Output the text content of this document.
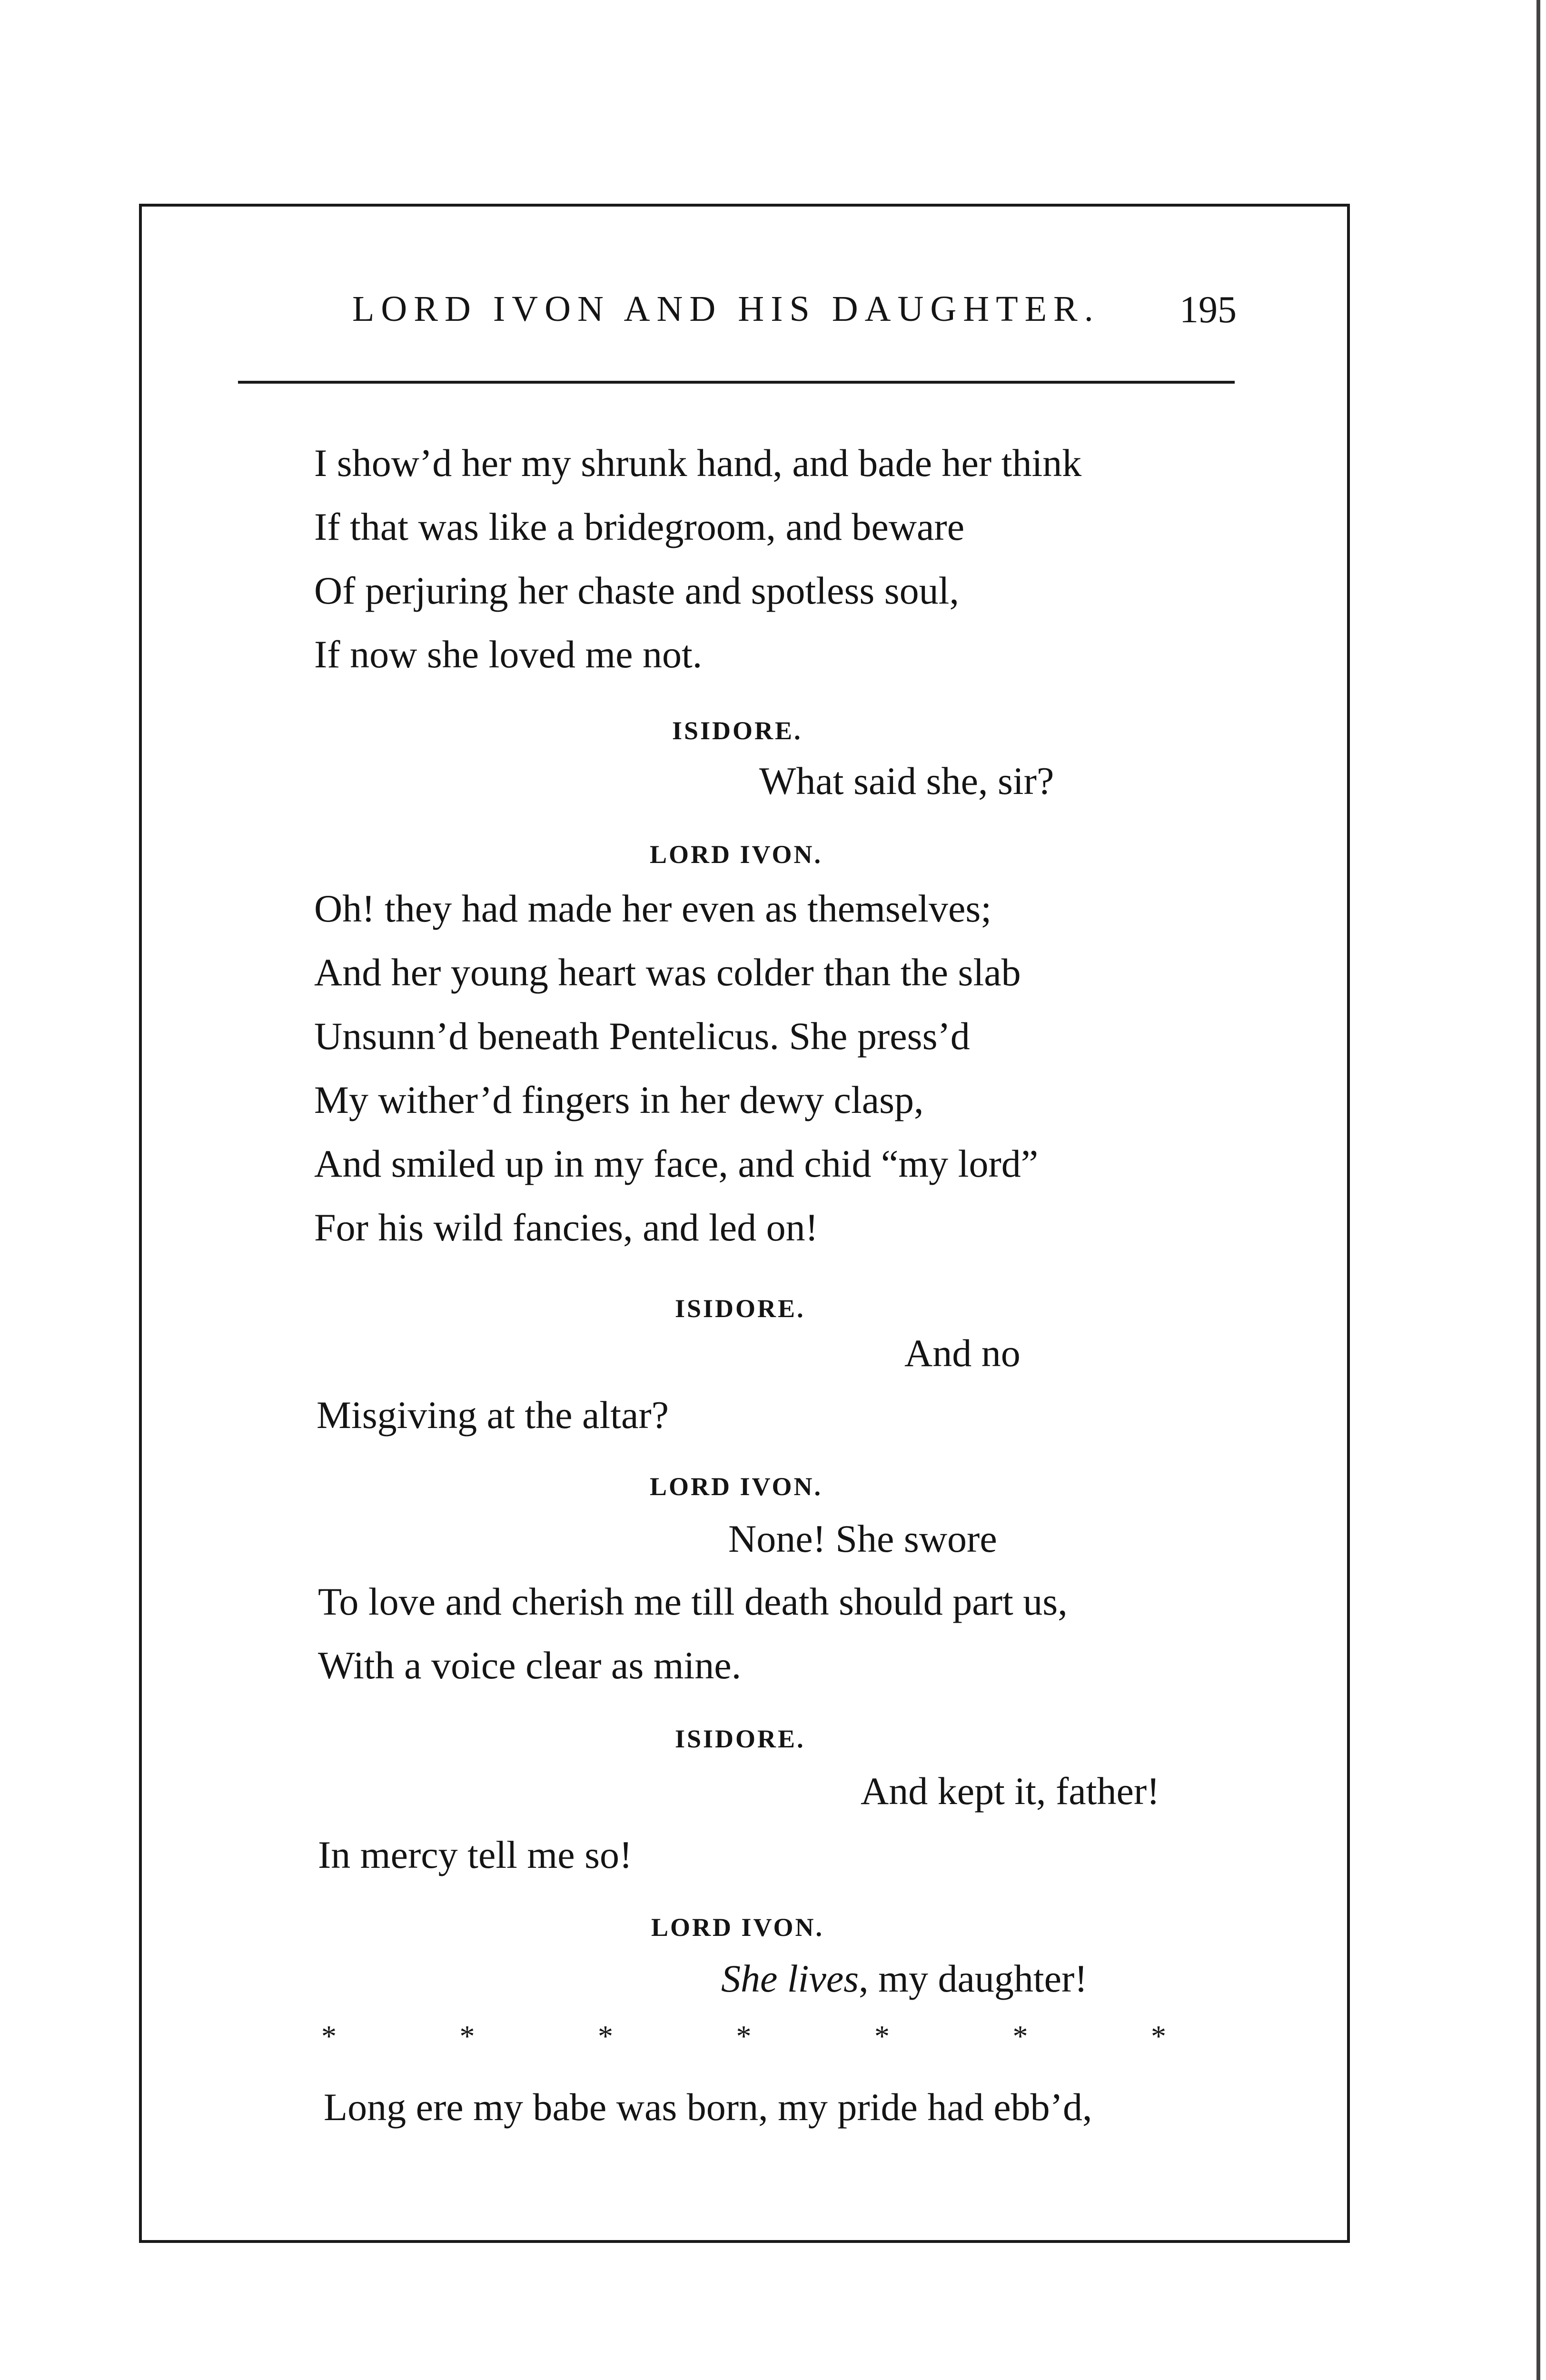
LORD IVON AND HIS DAUGHTER. 195
I show’d her my shrunk hand, and bade her think
If that was like a bridegroom, and beware
Of perjuring her chaste and spotless soul,
If now she loved me not.
ISIDORE.
What said she, sir?
LORD IVON.
Oh! they had made her even as themselves;
And her young heart was colder than the slab
Unsunn’d beneath Pentelicus. She press’d
My wither’d fingers in her dewy clasp,
And smiled up in my face, and chid “my lord”
For his wild fancies, and led on!
ISIDORE.
And no
Misgiving at the altar?
LORD IVON.
None! She swore
To love and cherish me till death should part us,
With a voice clear as mine.
ISIDORE.
And kept it, father!
In mercy tell me so!
LORD IVON.
She lives, my daughter!
*	*	*	*	*	*	*
Long ere my babe was born, my pride had ebb’d,
